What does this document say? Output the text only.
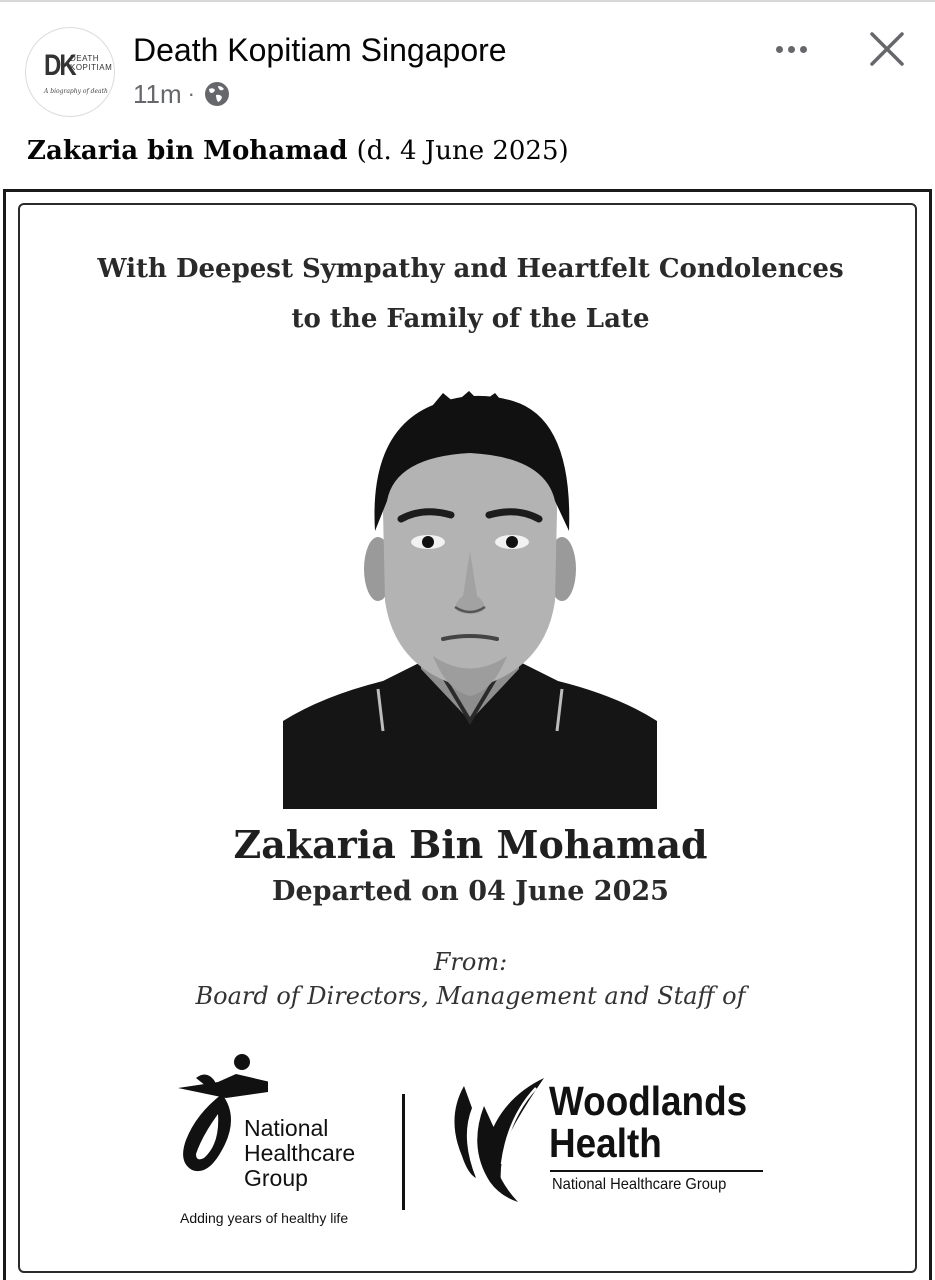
DK
DEATH
KOPITIAM
A biography of death
Death Kopitiam Singapore
11m ·
Zakaria bin Mohamad (d. 4 June 2025)
With Deepest Sympathy and Heartfelt Condolences
to the Family of the Late
Zakaria Bin Mohamad
Departed on 04 June 2025
From:
Board of Directors, Management and Staff of
National
Healthcare
Group
Adding years of healthy life
Woodlands
Health
National Healthcare Group
